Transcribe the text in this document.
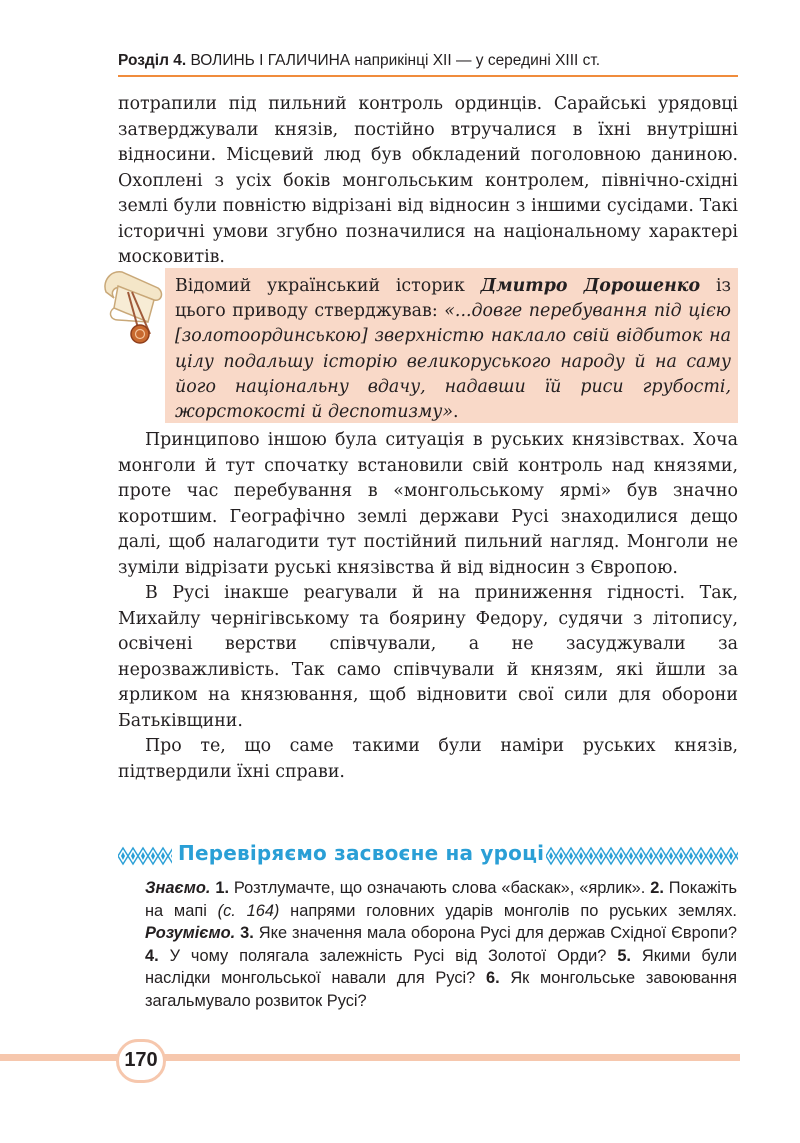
Розділ 4. ВОЛИНЬ І ГАЛИЧИНА наприкінці XII — у середині XIII ст.

потрапили під пильний контроль ординців. Сарайські урядовці затверджували князів, постійно втручалися в їхні внутрішні відносини. Місцевий люд був обкладений поголовною даниною. Охоплені з усіх боків монгольським контролем, північно-східні землі були повністю відрізані від відносин з іншими сусідами. Такі історичні умови згубно позначилися на національному характері московитів.

Відомий український історик Дмитро Дорошенко із цього приводу стверджував: «...довге перебування під цією [золотоординською] зверхністю наклало свій відбиток на цілу подальшу історію великоруського народу й на саму його національну вдачу, надавши їй риси грубості, жорстокості й деспотизму».

Принципово іншою була ситуація в руських князівствах. Хоча монголи й тут спочатку встановили свій контроль над князями, проте час перебування в «монгольському ярмі» був значно коротшим. Географічно землі держави Русі знаходилися дещо далі, щоб налагодити тут постійний пильний нагляд. Монголи не зуміли відрізати руські князівства й від відносин з Європою.

В Русі інакше реагували й на приниження гідності. Так, Михайлу чернігівському та боярину Федору, судячи з літопису, освічені верстви співчували, а не засуджували за нерозважливість. Так само співчували й князям, які йшли за ярликом на князювання, щоб відновити свої сили для оборони Батьківщини.

Про те, що саме такими були наміри руських князів, підтвердили їхні справи.

Перевіряємо засвоєне на уроці

Знаємо. 1. Розтлумачте, що означають слова «баскак», «ярлик». 2. Покажіть на мапі (с. 164) напрями головних ударів монголів по руських землях. Розуміємо. 3. Яке значення мала оборона Русі для держав Східної Європи? 4. У чому полягала залежність Русі від Золотої Орди? 5. Якими були наслідки монгольської навали для Русі? 6. Як монгольське завоювання загальмувало розвиток Русі?

170
